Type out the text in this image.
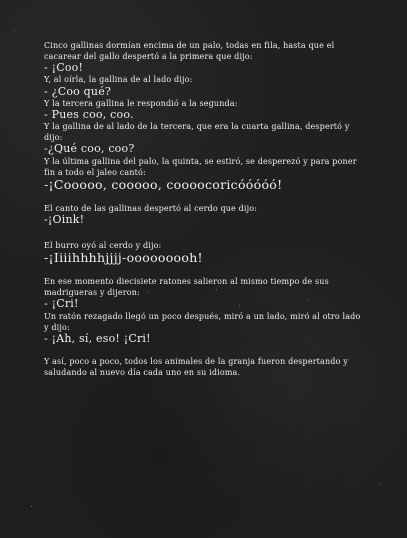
Cinco gallinas dormían encima de un palo, todas en fila, hasta que el cacarear del gallo despertó a la primera que dijo:

- ¡Coo!

Y, al oírla, la gallina de al lado dijo:

- ¿Coo qué?

Y la tercera gallina le respondió a la segunda:

- Pues coo, coo.

Y la gallina de al lado de la tercera, que era la cuarta gallina, despertó y dijo:

-¿Qué coo, coo?

Y la última gallina del palo, la quinta, se estiró, se desperezó y para poner fin a todo el jaleo cantó:

-¡Cooooo, cooooo, coooocoricóóóóó!

El canto de las gallinas despertó al cerdo que dijo:

-¡Oink!

El burro oyó al cerdo y dijo:

-¡Iiiihhhhjjjj-ooooooooh!

En ese momento diecisiete ratones salieron al mismo tiempo de sus madrigueras y dijeron:

- ¡Cri!

Un ratón rezagado llegó un poco después, miró a un lado, miró al otro lado y dijo:

- ¡Ah, sí, eso! ¡Cri!

Y así, poco a poco, todos los animales de la granja fueron despertando y saludando al nuevo día cada uno en su idioma.
